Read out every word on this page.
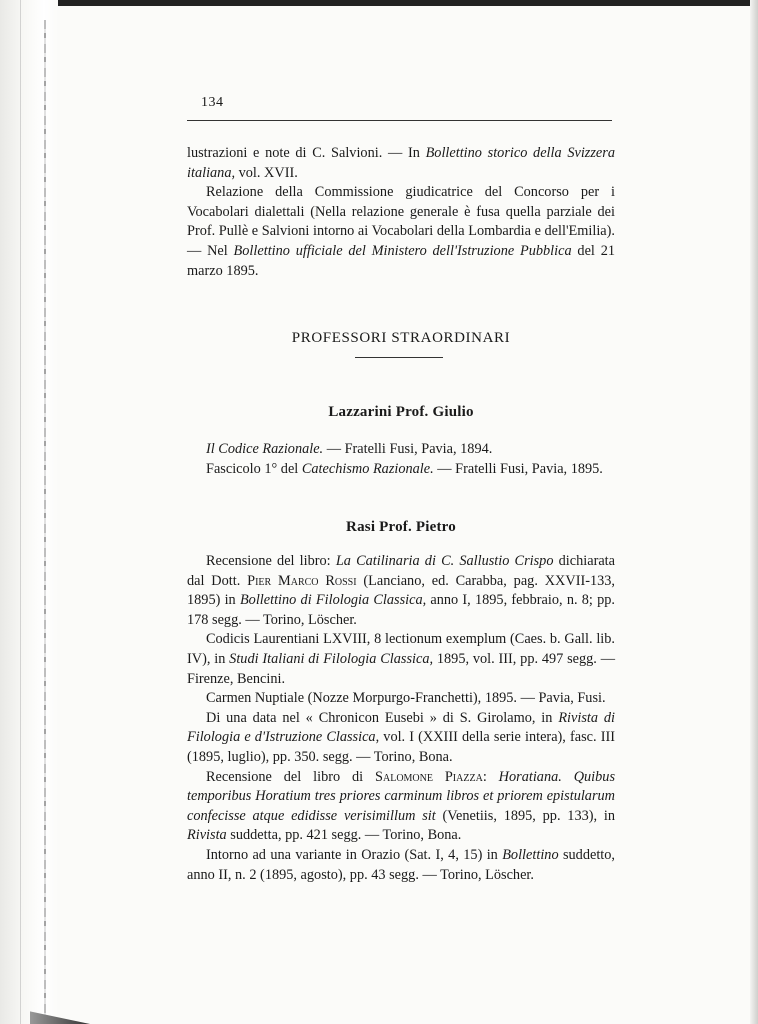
134

lustrazioni e note di C. Salvioni. — In Bollettino storico della Svizzera italiana, vol. XVII.

Relazione della Commissione giudicatrice del Concorso per i Vocabolari dialettali (Nella relazione generale è fusa quella parziale dei Prof. Pullè e Salvioni intorno ai Vocabolari della Lombardia e dell'Emilia). — Nel Bollettino ufficiale del Ministero dell'Istruzione Pubblica del 21 marzo 1895.

PROFESSORI STRAORDINARI
Lazzarini Prof. Giulio

Il Codice Razionale. — Fratelli Fusi, Pavia, 1894.

Fascicolo 1° del Catechismo Razionale. — Fratelli Fusi, Pavia, 1895.

Rasi Prof. Pietro

Recensione del libro: La Catilinaria di C. Sallustio Crispo dichiarata dal Dott. Pier Marco Rossi (Lanciano, ed. Carabba, pag. XXVII-133, 1895) in Bollettino di Filologia Classica, anno I, 1895, febbraio, n. 8; pp. 178 segg. — Torino, Löscher.

Codicis Laurentiani LXVIII, 8 lectionum exemplum (Caes. b. Gall. lib. IV), in Studi Italiani di Filologia Classica, 1895, vol. III, pp. 497 segg. — Firenze, Bencini.

Carmen Nuptiale (Nozze Morpurgo-Franchetti), 1895. — Pavia, Fusi.

Di una data nel « Chronicon Eusebi » di S. Girolamo, in Rivista di Filologia e d'Istruzione Classica, vol. I (XXIII della serie intera), fasc. III (1895, luglio), pp. 350. segg. — Torino, Bona.

Recensione del libro di Salomone Piazza: Horatiana. Quibus temporibus Horatium tres priores carminum libros et priorem epistularum confecisse atque edidisse verisimillum sit (Venetiis, 1895, pp. 133), in Rivista suddetta, pp. 421 segg. — Torino, Bona.

Intorno ad una variante in Orazio (Sat. I, 4, 15) in Bollettino suddetto, anno II, n. 2 (1895, agosto), pp. 43 segg. — Torino, Löscher.
